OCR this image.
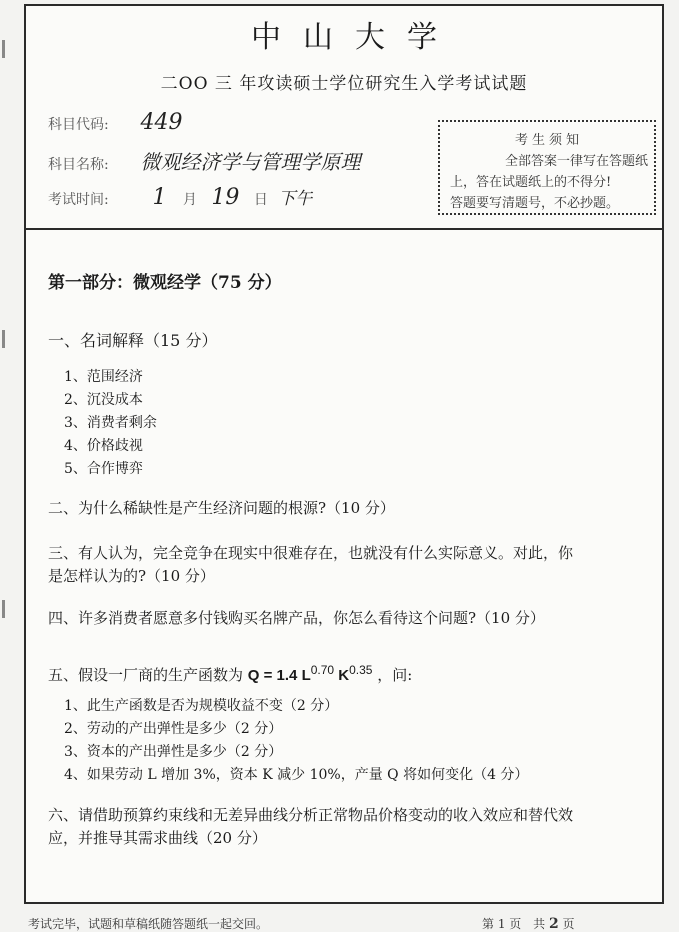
中山大学
二OO 三 年攻读硕士学位研究生入学考试试题
科目代码: 449
科目名称: 微观经济学与管理学原理
考试时间: 1 月 19 日 下午
考生须知
全部答案一律写在答题纸
上，答在试题纸上的不得分!
答题要写清题号，不必抄题。
第一部分：微观经学（75 分）
一、名词解释（15 分）
1、范围经济
2、沉没成本
3、消费者剩余
4、价格歧视
5、合作博弈
二、为什么稀缺性是产生经济问题的根源?（10 分）
三、有人认为，完全竞争在现实中很难存在，也就没有什么实际意义。对此，你
是怎样认为的?（10 分）
四、许多消费者愿意多付钱购买名牌产品，你怎么看待这个问题?（10 分）
五、假设一厂商的生产函数为 Q = 1.4 $L^{0.70}$ $K^{0.35}$ ，问:
1、此生产函数是否为规模收益不变（2 分）
2、劳动的产出弹性是多少（2 分）
3、资本的产出弹性是多少（2 分）
4、如果劳动 L 增加 3%，资本 K 减少 10%，产量 Q 将如何变化（4 分）
六、请借助预算约束线和无差异曲线分析正常物品价格变动的收入效应和替代效
应，并推导其需求曲线（20 分）
考试完毕，试题和草稿纸随答题纸一起交回。	第 1 页 共 2 页
